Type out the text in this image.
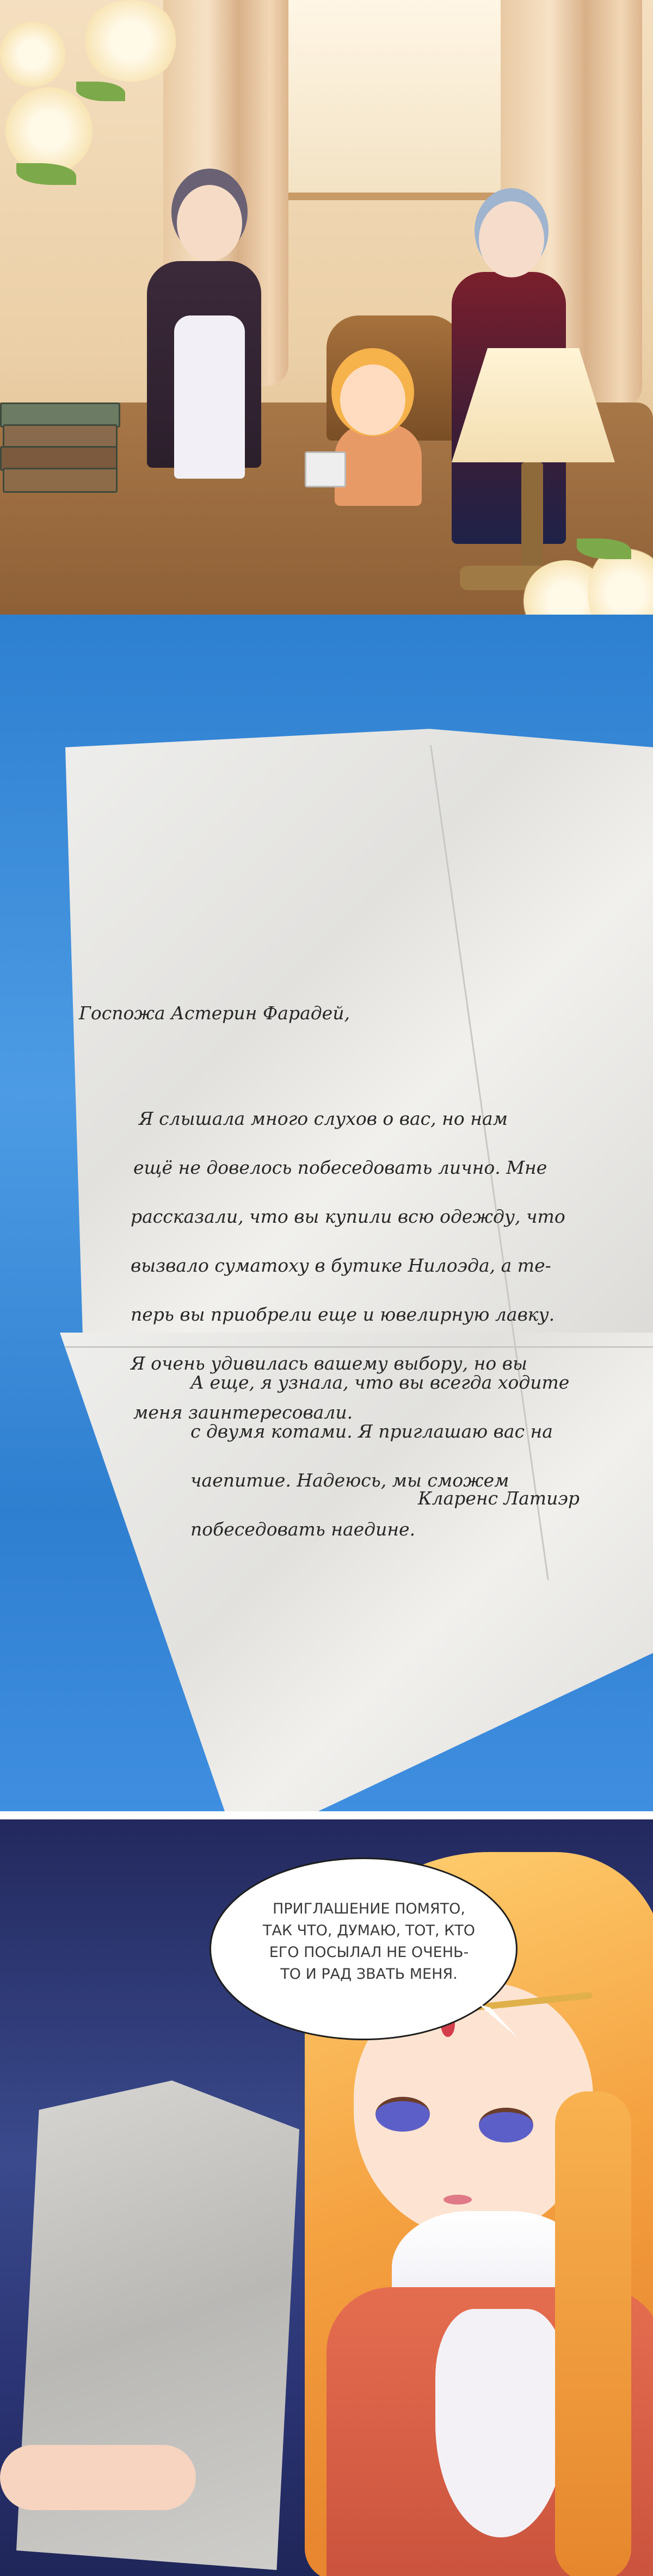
Госпожа Астерин Фарадей,

Я слышала много слухов о вас, но нам

ещё не довелось побеседовать лично. Мне

рассказали, что вы купили всю одежду, что

вызвало суматоху в бутике Нилоэда, а те-

перь вы приобрели еще и ювелирную лавку.

Я очень удивилась вашему выбору, но вы

меня заинтересовали.

А еще, я узнала, что вы всегда ходите

с двумя котами. Я приглашаю вас на

чаепитие. Надеюсь, мы сможем

побеседовать наедине.

Кларенс Латиэр
ПРИГЛАШЕНИЕ ПОМЯТО,
ТАК ЧТО, ДУМАЮ, ТОТ, КТО
ЕГО ПОСЫЛАЛ НЕ ОЧЕНЬ-
ТО И РАД ЗВАТЬ МЕНЯ.
